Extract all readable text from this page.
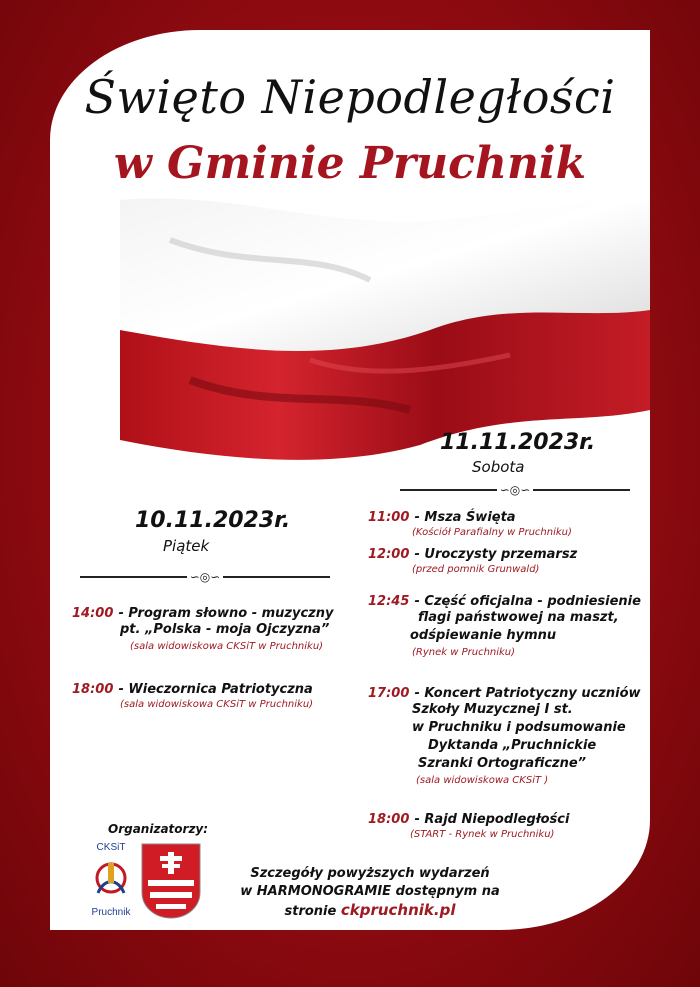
Święto Niepodległości
w Gminie Pruchnik
11.11.2023r.
Sobota
∽◎∽
10.11.2023r.
Piątek
∽◎∽
14:00 - Program słowno - muzyczny
pt. „Polska - moja Ojczyzna”
(sala widowiskowa CKSiT w Pruchniku)
18:00 - Wieczornica Patriotyczna
(sala widowiskowa CKSiT w Pruchniku)
11:00 - Msza Święta
(Kościół Parafialny w Pruchniku)
12:00 - Uroczysty przemarsz
(przed pomnik Grunwald)
12:45 - Część oficjalna - podniesienie
flagi państwowej na maszt,
odśpiewanie hymnu
(Rynek w Pruchniku)
17:00 - Koncert Patriotyczny uczniów
Szkoły Muzycznej I st.
w Pruchniku i podsumowanie
Dyktanda „Pruchnickie
Szranki Ortograficzne”
(sala widowiskowa CKSiT )
18:00 - Rajd Niepodległości
(START - Rynek w Pruchniku)
Organizatorzy:
CKSiT
Pruchnik
Szczegóły powyższych wydarzeń
w HARMONOGRAMIE dostępnym na
stronie ckpruchnik.pl
